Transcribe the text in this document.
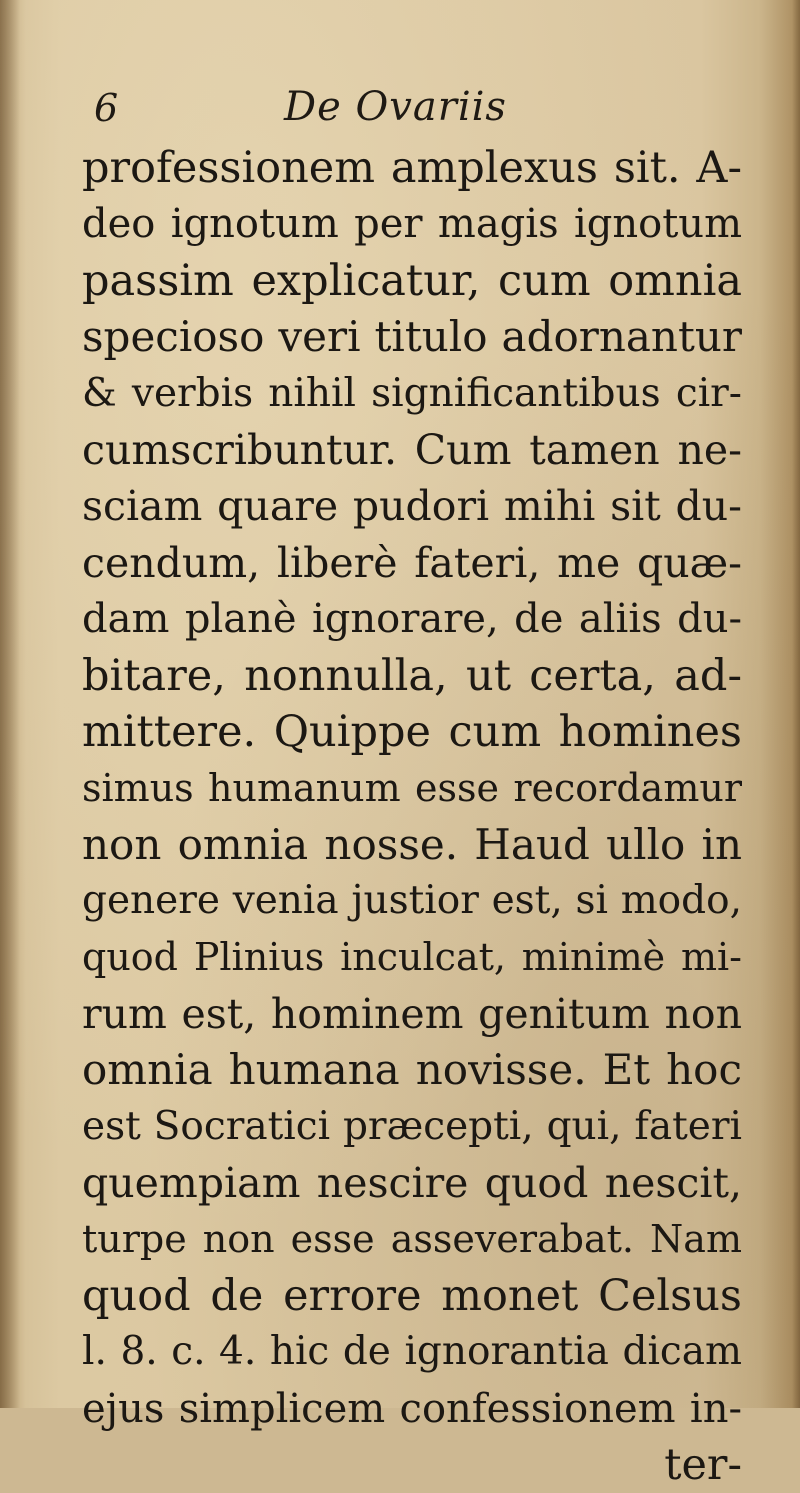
6	De Ovariis
professionem amplexus sit. A-
deo ignotum per magis ignotum
passim explicatur, cum omnia
specioso veri titulo adornantur
& verbis nihil significantibus cir-
cumscribuntur. Cum tamen ne-
sciam quare pudori mihi sit du-
cendum, liberè fateri, me quæ-
dam planè ignorare, de aliis du-
bitare, nonnulla, ut certa, ad-
mittere. Quippe cum homines
simus humanum esse recordamur
non omnia nosse. Haud ullo in
genere venia justior est, si modo,
quod Plinius inculcat, minimè mi-
rum est, hominem genitum non
omnia humana novisse. Et hoc
est Socratici præcepti, qui, fateri
quempiam nescire quod nescit,
turpe non esse asseverabat. Nam
quod de errore monet Celsus
l. 8. c. 4. hic de ignorantia dicam
ejus simplicem confessionem in-
ter-
